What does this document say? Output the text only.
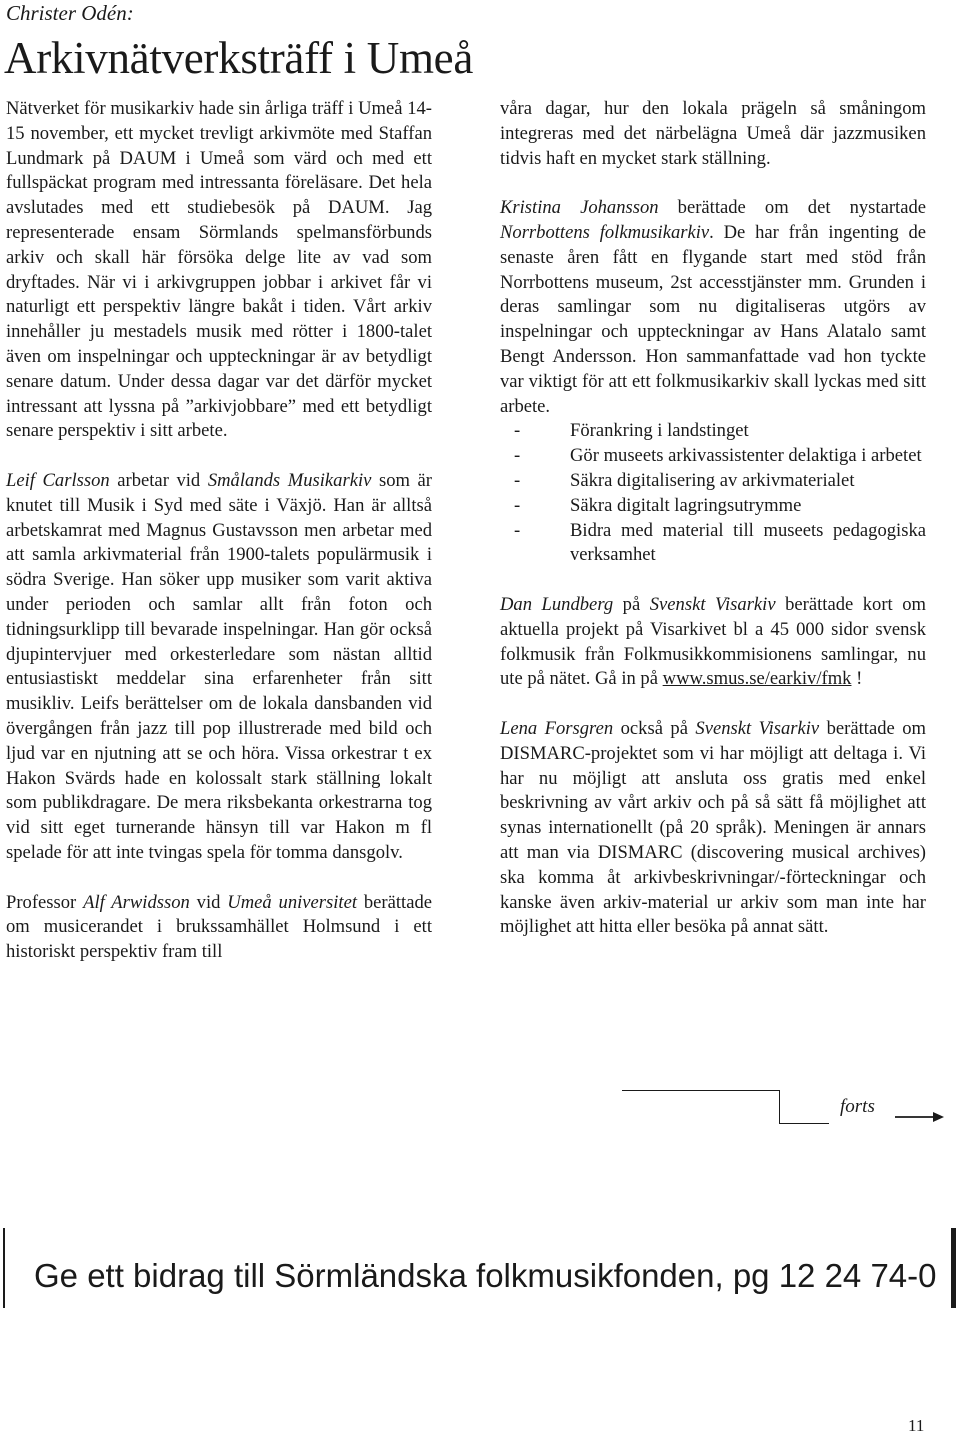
Christer Odén:
Arkivnätverksträff i Umeå

Nätverket för musikarkiv hade sin årliga träff i Umeå 14-15 november, ett mycket trevligt arkivmöte med Staffan Lundmark på DAUM i Umeå som värd och med ett fullspäckat program med intressanta föreläsare. Det hela avslutades med ett studiebesök på DAUM. Jag representerade ensam Sörmlands spelmansförbunds arkiv och skall här försöka delge lite av vad som dryftades. När vi i arkivgruppen jobbar i arkivet får vi naturligt ett perspektiv längre bakåt i tiden. Vårt arkiv innehåller ju mestadels musik med rötter i 1800-talet även om inspelningar och uppteckningar är av betydligt senare datum. Under dessa dagar var det därför mycket intressant att lyssna på ”arkivjobbare” med ett betydligt senare perspektiv i sitt arbete.

Leif Carlsson arbetar vid Smålands Musikarkiv som är knutet till Musik i Syd med säte i Växjö. Han är alltså arbetskamrat med Magnus Gustavsson men arbetar med att samla arkivmaterial från 1900-talets populärmusik i södra Sverige. Han söker upp musiker som varit aktiva under perioden och samlar allt från foton och tidningsurklipp till bevarade inspelningar. Han gör också djupintervjuer med orkesterledare som nästan alltid entusiastiskt meddelar sina erfarenheter från sitt musikliv. Leifs berättelser om de lokala dansbanden vid övergången från jazz till pop illustrerade med bild och ljud var en njutning att se och höra. Vissa orkestrar t ex Hakon Svärds hade en kolossalt stark ställning lokalt som publikdragare. De mera riksbekanta orkestrarna tog vid sitt eget turnerande hänsyn till var Hakon m fl spelade för att inte tvingas spela för tomma dansgolv.

Professor Alf Arwidsson vid Umeå universitet berättade om musicerandet i brukssamhället Holmsund i ett historiskt perspektiv fram till

våra dagar, hur den lokala prägeln så småningom integreras med det närbelägna Umeå där jazzmusiken tidvis haft en mycket stark ställning.

Kristina Johansson berättade om det nystartade Norrbottens folkmusikarkiv. De har från ingenting de senaste åren fått en flygande start med stöd från Norrbottens museum, 2st accesstjänster mm. Grunden i deras samlingar som nu digitaliseras utgörs av inspelningar och uppteckningar av Hans Alatalo samt Bengt Andersson. Hon sammanfattade vad hon tyckte var viktigt för att ett folkmusikarkiv skall lyckas med sitt arbete.
-	Förankring i landstinget
-	Gör museets arkivassistenter delaktiga i arbetet
-	Säkra digitalisering av arkivmaterialet
-	Säkra digitalt lagringsutrymme
-	Bidra med material till museets pedagogiska verksamhet

Dan Lundberg på Svenskt Visarkiv berättade kort om aktuella projekt på Visarkivet bl a 45 000 sidor svensk folkmusik från Folkmusikkommisionens samlingar, nu ute på nätet. Gå in på www.smus.se/earkiv/fmk !

Lena Forsgren också på Svenskt Visarkiv berättade om DISMARC-projektet som vi har möjligt att deltaga i. Vi har nu möjligt att ansluta oss gratis med enkel beskrivning av vårt arkiv och på så sätt få möjlighet att synas internationellt (på 20 språk). Meningen är annars att man via DISMARC (discovering musical archives) ska komma åt arkivbeskrivningar/-förteckningar och kanske även arkiv-material ur arkiv som man inte har möjlighet att hitta eller besöka på annat sätt.

forts
Ge ett bidrag till Sörmländska folkmusikfonden, pg 12 24 74-0
11
